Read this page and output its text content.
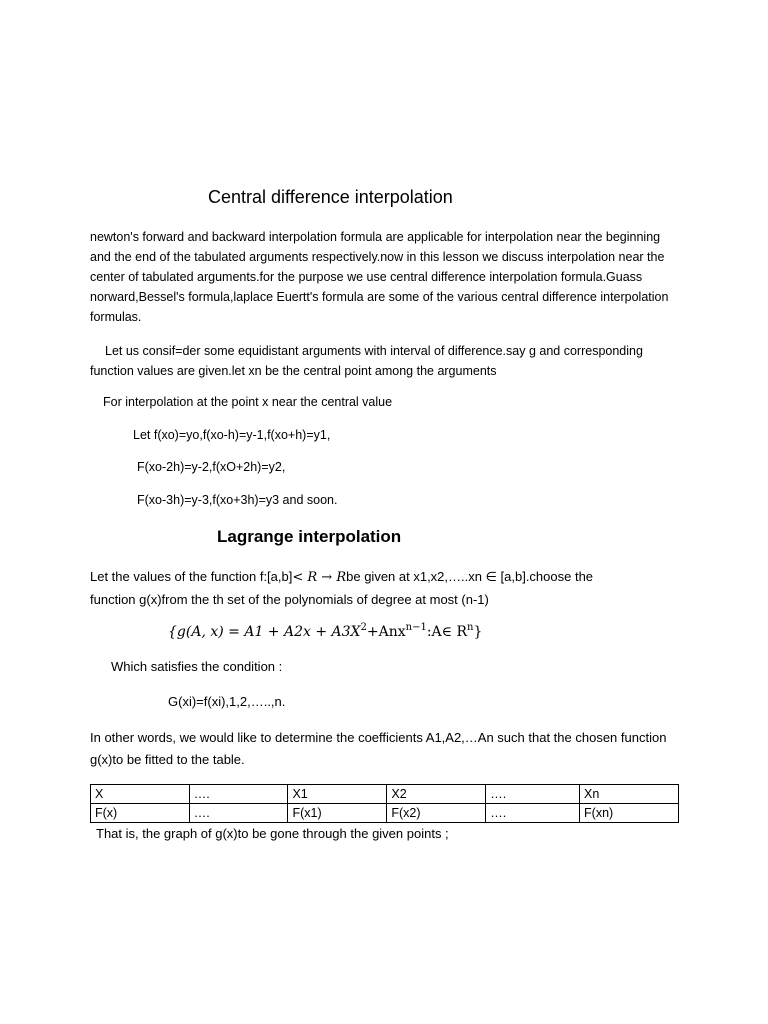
Central difference interpolation
newton's forward and backward interpolation formula are applicable for interpolation near the beginning and the end of the tabulated arguments respectively.now in this lesson we discuss interpolation near the center of tabulated arguments.for the purpose we use central difference interpolation formula.Guass norward,Bessel's formula,laplace Euertt's formula are some of the various central difference interpolation formulas.
Let us consif=der some equidistant arguments with interval of difference.say g and corresponding function values are given.let xn be the central point among the arguments
For interpolation at the point x near the central value
Let f(xo)=yo,f(xo-h)=y-1,f(xo+h)=y1,
F(xo-2h)=y-2,f(xO+2h)=y2,
F(xo-3h)=y-3,f(xo+3h)=y3 and soon.
Lagrange interpolation
Let the values of the function f:[a,b]< R → Rbe given at x1,x2,…..xn ∈ [a,b].choose the
function g(x)from the th set of the polynomials of degree at most (n-1)
{g(A, $x) = A1 + A2x + A3X^2+Anx^{n-1}:A\in$ $R^n$}
Which satisfies the condition :
G(xi)=f(xi),1,2,…..,n.
In other words, we would like to determine the coefficients A1,A2,…An such that the chosen function g(x)to be fitted to the table.
X	….	X1	X2	….	Xn
F(x)	….	F(x1)	F(x2)	….	F(xn)
That is, the graph of g(x)to be gone through the given points ;
